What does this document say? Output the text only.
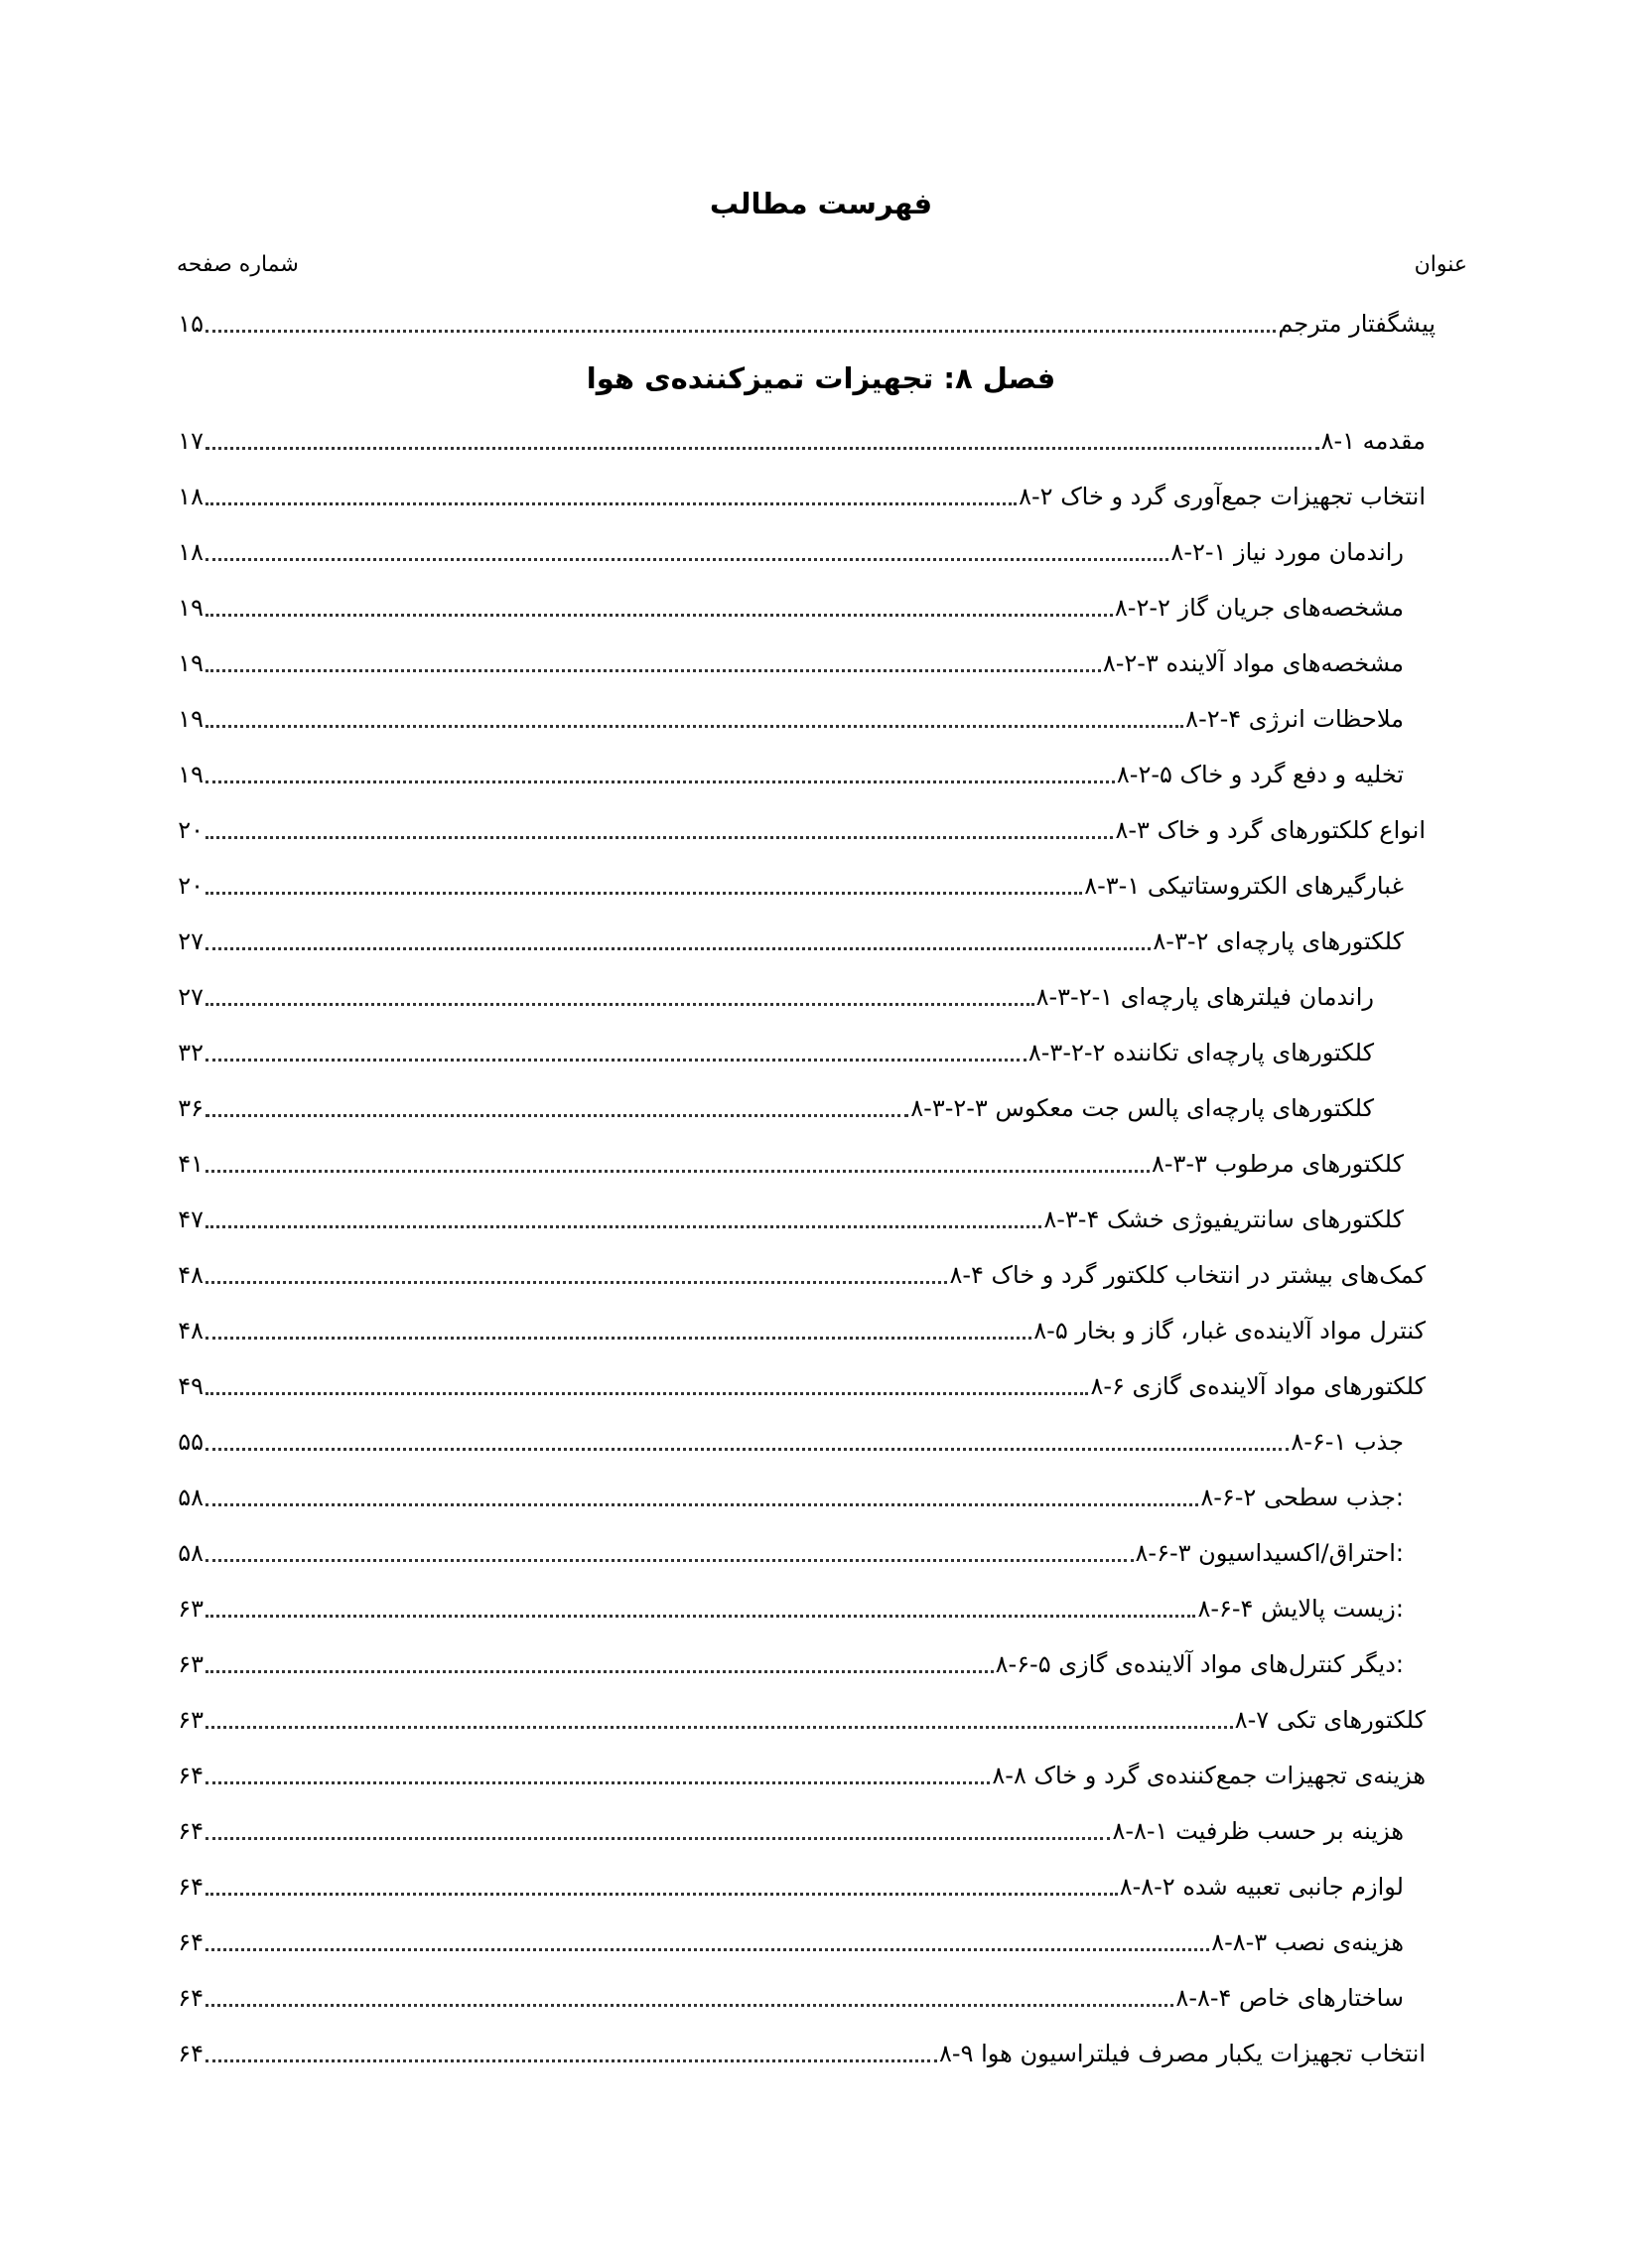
فهرست مطالب
عنوان
شماره صفحه
پیشگفتار مترجم
۱۵
فصل ۸: تجهیزات تمیزکننده‌ی هوا
۸-۱ مقدمه
۱۷
۸-۲ انتخاب تجهیزات جمع‌آوری گرد و خاک
۱۸
۸-۲-۱ راندمان مورد نیاز
۱۸
۸-۲-۲ مشخصه‌های جریان گاز
۱۹
۸-۲-۳ مشخصه‌های مواد آلاینده
۱۹
۸-۲-۴ ملاحظات انرژی
۱۹
۸-۲-۵ تخلیه و دفع گرد و خاک
۱۹
۸-۳ انواع کلکتورهای گرد و خاک
۲۰
۸-۳-۱ غبارگیرهای الکتروستاتیکی
۲۰
۸-۳-۲ کلکتورهای پارچه‌ای
۲۷
۸-۳-۲-۱ راندمان فیلترهای پارچه‌ای
۲۷
۸-۳-۲-۲ کلکتورهای پارچه‌ای تکاننده
۳۲
۸-۳-۲-۳ کلکتورهای پارچه‌ای پالس جت معکوس
۳۶
۸-۳-۳ کلکتورهای مرطوب
۴۱
۸-۳-۴ کلکتورهای سانتریفیوژی خشک
۴۷
۸-۴ کمک‌های بیشتر در انتخاب کلکتور گرد و خاک
۴۸
۸-۵ کنترل مواد آلاینده‌ی غبار، گاز و بخار
۴۸
۸-۶ کلکتورهای مواد آلاینده‌ی گازی
۴۹
۸-۶-۱ جذب
۵۵
۸-۶-۲ جذب سطحی:
۵۸
۸-۶-۳ احتراق/اکسیداسیون:
۵۸
۸-۶-۴ زیست پالایش:
۶۳
۸-۶-۵ دیگر کنترل‌های مواد آلاینده‌ی گازی:
۶۳
۸-۷ کلکتورهای تکی
۶۳
۸-۸ هزینه‌ی تجهیزات جمع‌کننده‌ی گرد و خاک
۶۴
۸-۸-۱ هزینه بر حسب ظرفیت
۶۴
۸-۸-۲ لوازم جانبی تعبیه شده
۶۴
۸-۸-۳ هزینه‌ی نصب
۶۴
۸-۸-۴ ساختارهای خاص
۶۴
۸-۹ انتخاب تجهیزات یکبار مصرف فیلتراسیون هوا
۶۴
